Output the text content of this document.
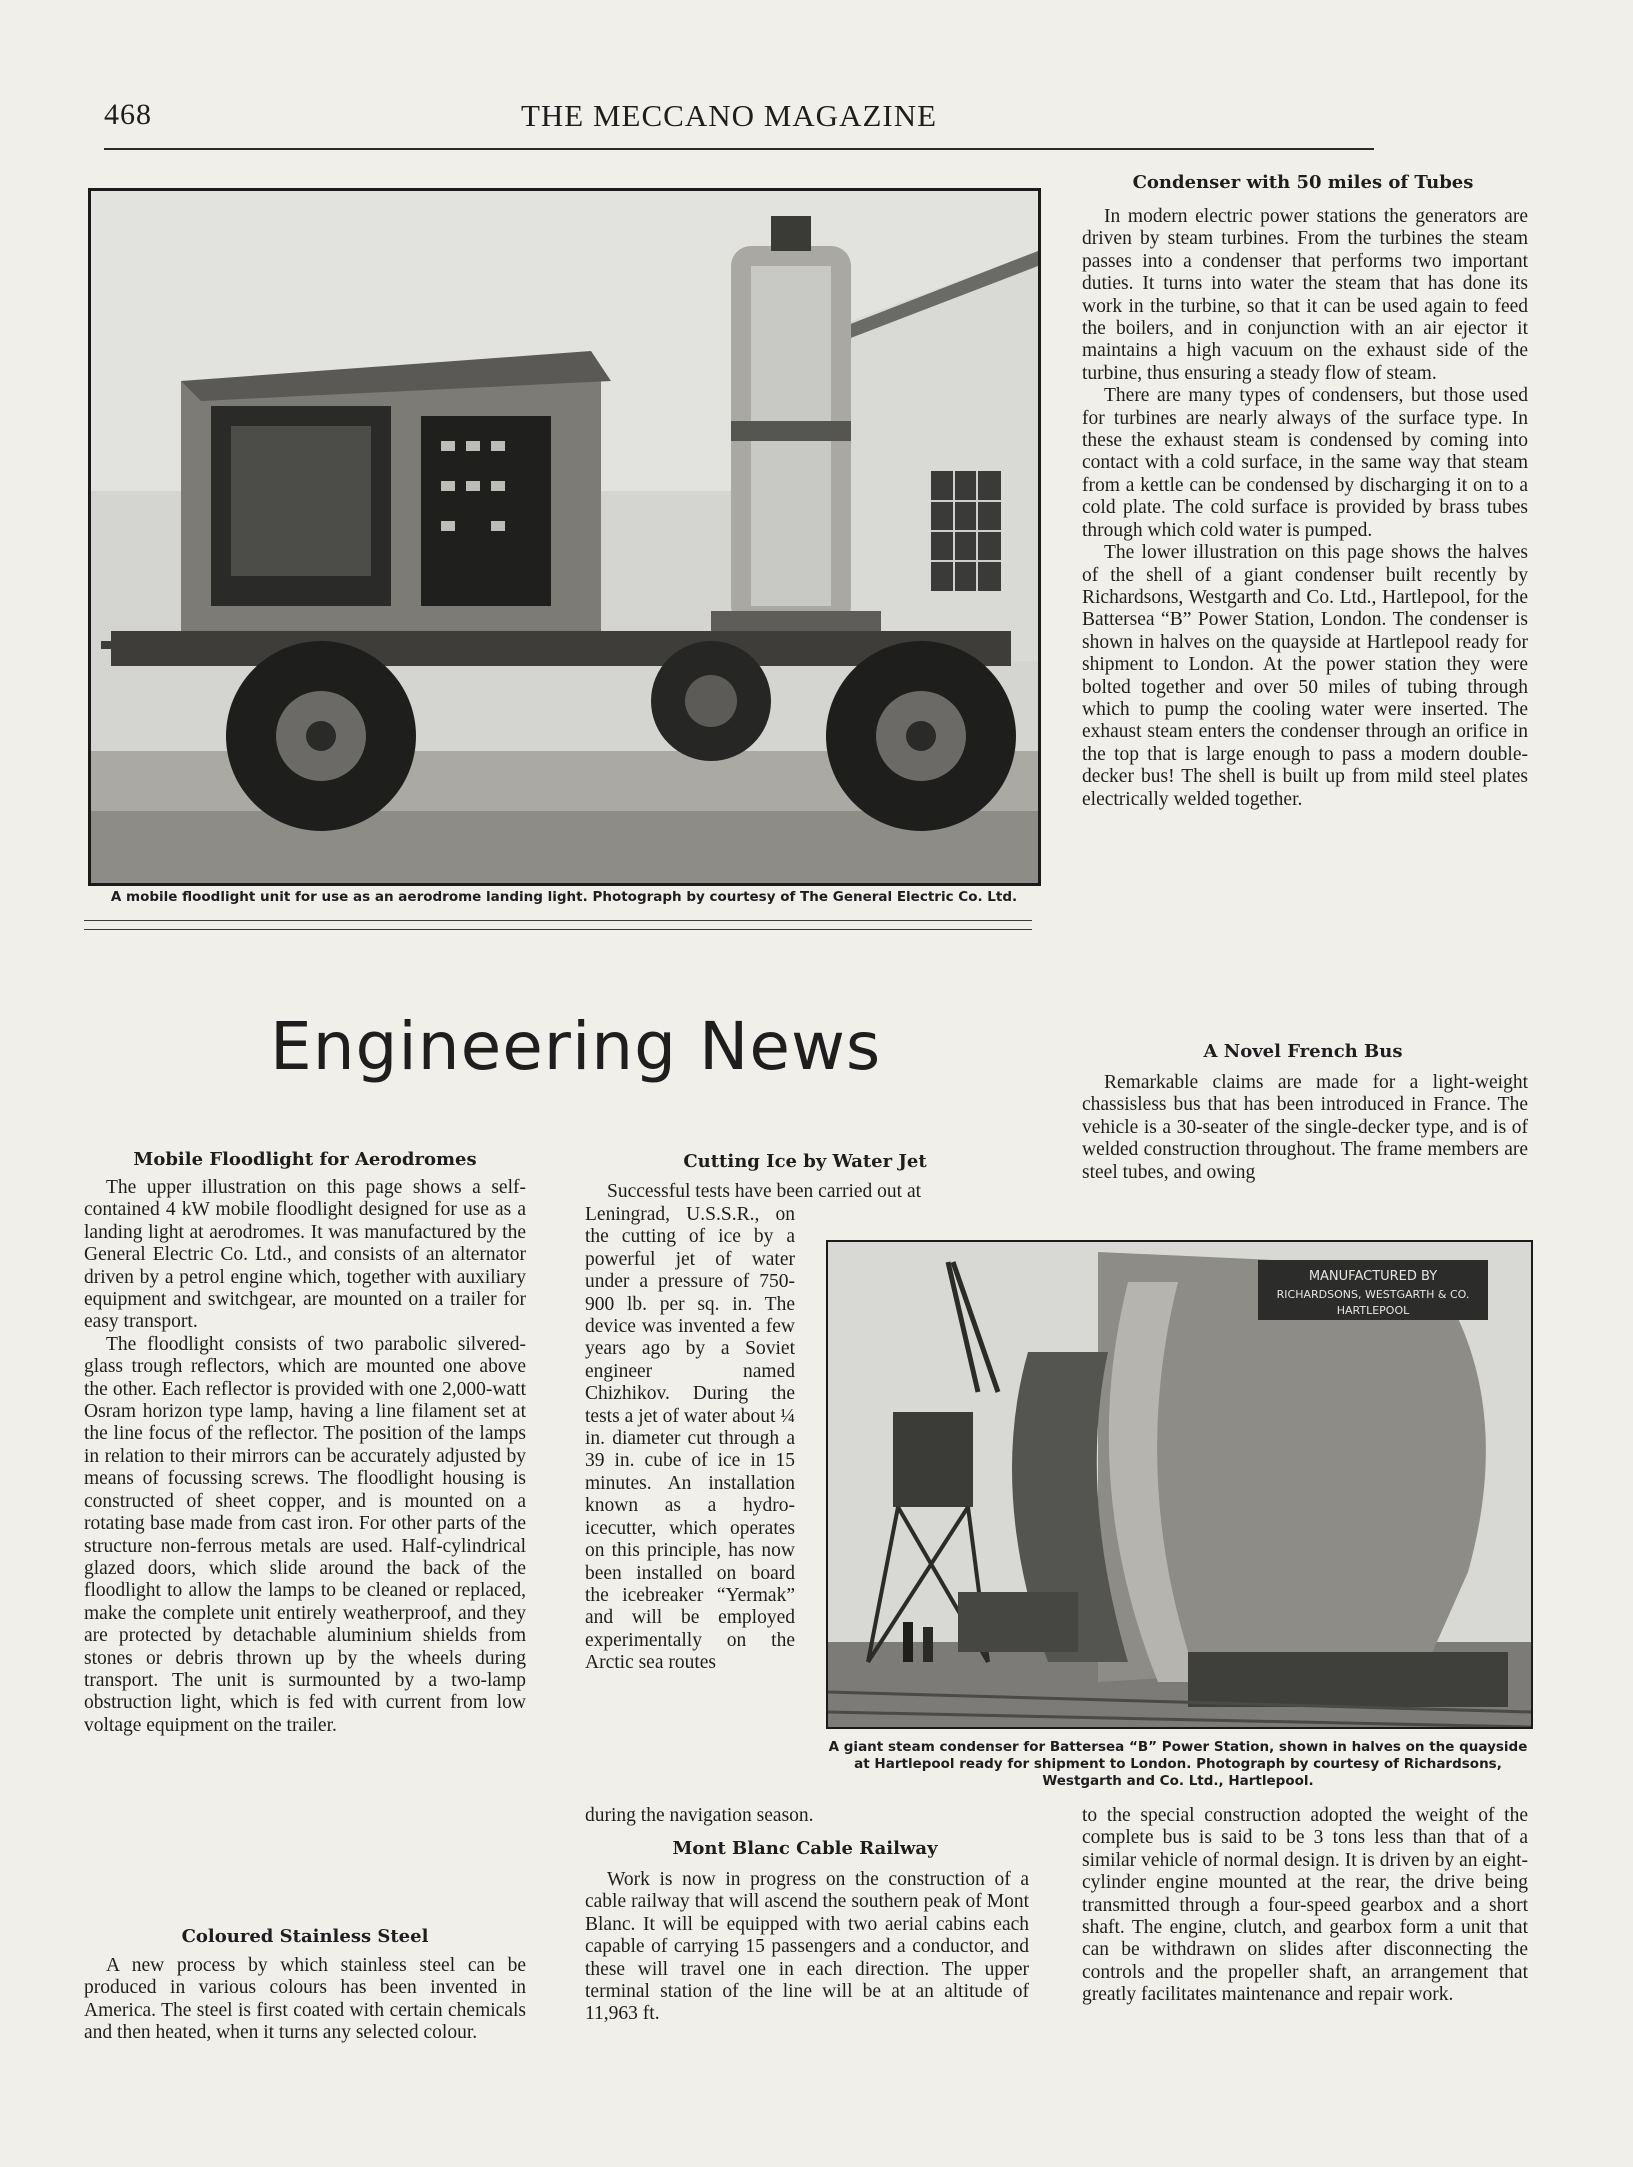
468	THE MECCANO MAGAZINE
A mobile floodlight unit for use as an aerodrome landing light. Photograph by courtesy of The General Electric Co. Ltd.
Engineering News
Mobile Floodlight for Aerodromes

The upper illustration on this page shows a self-contained 4 kW mobile floodlight designed for use as a landing light at aerodromes. It was manufactured by the General Electric Co. Ltd., and consists of an alternator driven by a petrol engine which, together with auxiliary equipment and switchgear, are mounted on a trailer for easy transport.

The floodlight consists of two parabolic silvered-glass trough reflectors, which are mounted one above the other. Each reflector is provided with one 2,000-watt Osram horizon type lamp, having a line filament set at the line focus of the reflector. The position of the lamps in relation to their mirrors can be accurately adjusted by means of focussing screws. The floodlight housing is constructed of sheet copper, and is mounted on a rotating base made from cast iron. For other parts of the structure non-ferrous metals are used. Half-cylindrical glazed doors, which slide around the back of the floodlight to allow the lamps to be cleaned or replaced, make the complete unit entirely weatherproof, and they are protected by detachable aluminium shields from stones or debris thrown up by the wheels during transport. The unit is surmounted by a two-lamp obstruction light, which is fed with current from low voltage equipment on the trailer.

Coloured Stainless Steel

A new process by which stainless steel can be produced in various colours has been invented in America. The steel is first coated with certain chemicals and then heated, when it turns any selected colour.

Cutting Ice by Water Jet

Successful tests have been carried out at

Leningrad, U.S.S.R., on the cutting of ice by a powerful jet of water under a pressure of 750-900 lb. per sq. in. The device was invented a few years ago by a Soviet engineer named Chizhikov. During the tests a jet of water about ¼ in. diameter cut through a 39 in. cube of ice in 15 minutes. An installation known as a hydro-icecutter, which operates on this principle, has now been installed on board the icebreaker “Yermak” and will be employed experimentally on the Arctic sea routes
during the navigation season.
Mont Blanc Cable Railway

Work is now in progress on the construction of a cable railway that will ascend the southern peak of Mont Blanc. It will be equipped with two aerial cabins each capable of carrying 15 passengers and a conductor, and these will travel one in each direction. The upper terminal station of the line will be at an altitude of 11,963 ft.

Condenser with 50 miles of Tubes

In modern electric power stations the generators are driven by steam turbines. From the turbines the steam passes into a condenser that performs two important duties. It turns into water the steam that has done its work in the turbine, so that it can be used again to feed the boilers, and in conjunction with an air ejector it maintains a high vacuum on the exhaust side of the turbine, thus ensuring a steady flow of steam.

There are many types of condensers, but those used for turbines are nearly always of the surface type. In these the exhaust steam is condensed by coming into contact with a cold surface, in the same way that steam from a kettle can be condensed by discharging it on to a cold plate. The cold surface is provided by brass tubes through which cold water is pumped.

The lower illustration on this page shows the halves of the shell of a giant condenser built recently by Richardsons, Westgarth and Co. Ltd., Hartlepool, for the Battersea “B” Power Station, London. The condenser is shown in halves on the quayside at Hartlepool ready for shipment to London. At the power station they were bolted together and over 50 miles of tubing through which to pump the cooling water were inserted. The exhaust steam enters the condenser through an orifice in the top that is large enough to pass a modern double-decker bus! The shell is built up from mild steel plates electrically welded together.

A Novel French Bus

Remarkable claims are made for a light-weight chassisless bus that has been introduced in France. The vehicle is a 30-seater of the single-decker type, and is of welded construction throughout. The frame members are steel tubes, and owing

MANUFACTURED BY
RICHARDSONS, WESTGARTH & CO.
HARTLEPOOL
A giant steam condenser for Battersea “B” Power Station, shown in halves on the quayside at Hartlepool ready for shipment to London. Photograph by courtesy of Richardsons, Westgarth and Co. Ltd., Hartlepool.
to the special construction adopted the weight of the complete bus is said to be 3 tons less than that of a similar vehicle of normal design. It is driven by an eight-cylinder engine mounted at the rear, the drive being transmitted through a four-speed gearbox and a short shaft. The engine, clutch, and gearbox form a unit that can be withdrawn on slides after disconnecting the controls and the propeller shaft, an arrangement that greatly facilitates maintenance and repair work.
